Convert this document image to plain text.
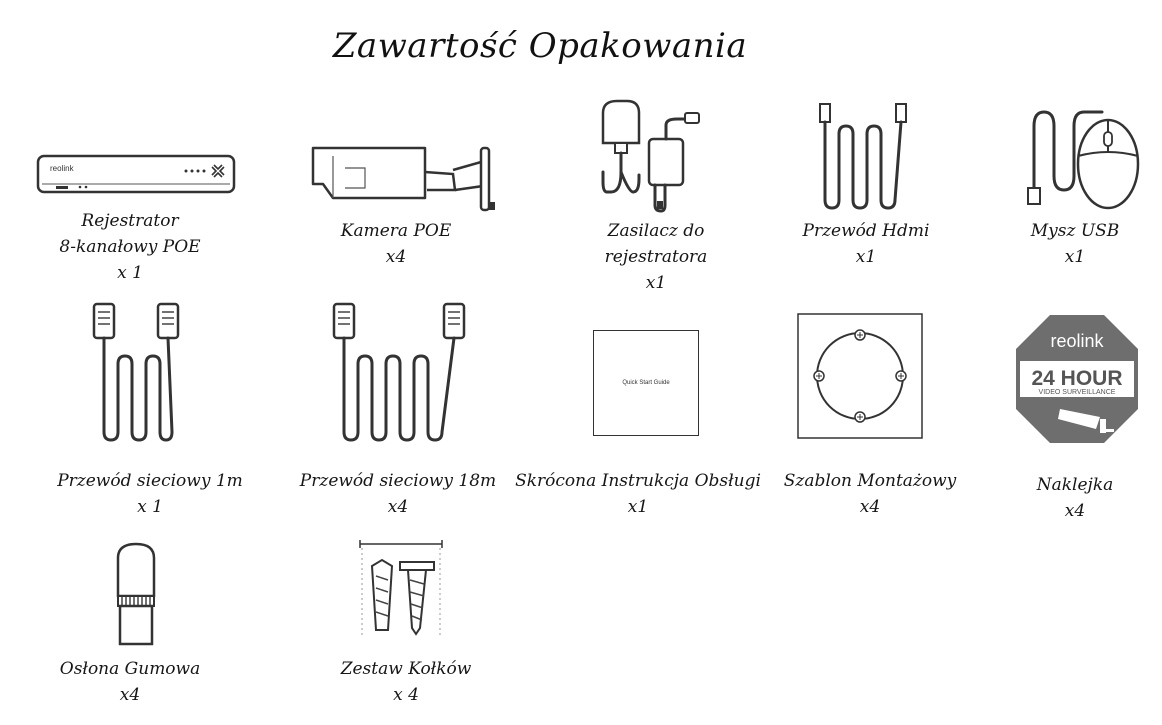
Zawartość Opakowania
reolink
Rejestrator
8-kanałowy POE
x 1
Kamera POE
x4
Zasilacz do
rejestratora
x1
Przewód Hdmi
x1
Mysz USB
x1
Przewód sieciowy 1m
x 1
Przewód sieciowy 18m
x4
Quick Start Guide
Skrócona Instrukcja Obsługi
x1
Szablon Montażowy
x4
reolink
24 HOUR
VIDEO SURVEILLANCE
Naklejka
x4
Osłona Gumowa
x4
Zestaw Kołków
x 4
